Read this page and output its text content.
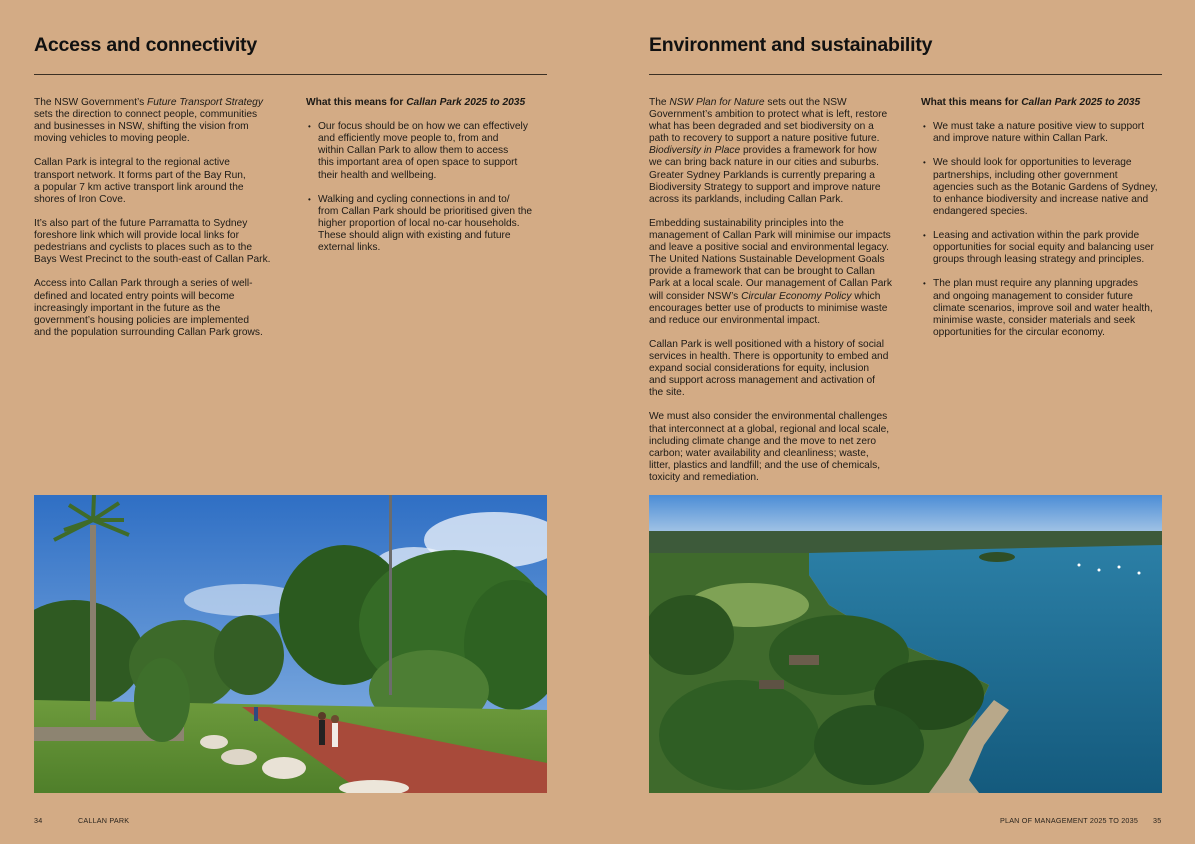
Access and connectivity

The NSW Government’s Future Transport Strategy
sets the direction to connect people, communities
and businesses in NSW, shifting the vision from
moving vehicles to moving people.

Callan Park is integral to the regional active
transport network. It forms part of the Bay Run,
a popular 7 km active transport link around the
shores of Iron Cove.

It’s also part of the future Parramatta to Sydney
foreshore link which will provide local links for
pedestrians and cyclists to places such as to the
Bays West Precinct to the south-east of Callan Park.

Access into Callan Park through a series of well-
defined and located entry points will become
increasingly important in the future as the
government’s housing policies are implemented
and the population surrounding Callan Park grows.

What this means for Callan Park 2025 to 2035
• Our focus should be on how we can effectively
and efficiently move people to, from and
within Callan Park to allow them to access
this important area of open space to support
their health and wellbeing.
• Walking and cycling connections in and to/
from Callan Park should be prioritised given the
higher proportion of local no-car households.
These should align with existing and future
external links.
34	CALLAN PARK
Environment and sustainability

The NSW Plan for Nature sets out the NSW
Government’s ambition to protect what is left, restore
what has been degraded and set biodiversity on a
path to recovery to support a nature positive future.
Biodiversity in Place provides a framework for how
we can bring back nature in our cities and suburbs.
Greater Sydney Parklands is currently preparing a
Biodiversity Strategy to support and improve nature
across its parklands, including Callan Park.

Embedding sustainability principles into the
management of Callan Park will minimise our impacts
and leave a positive social and environmental legacy.
The United Nations Sustainable Development Goals
provide a framework that can be brought to Callan
Park at a local scale. Our management of Callan Park
will consider NSW’s Circular Economy Policy which
encourages better use of products to minimise waste
and reduce our environmental impact.

Callan Park is well positioned with a history of social
services in health. There is opportunity to embed and
expand social considerations for equity, inclusion
and support across management and activation of
the site.

We must also consider the environmental challenges
that interconnect at a global, regional and local scale,
including climate change and the move to net zero
carbon; water availability and cleanliness; waste,
litter, plastics and landfill; and the use of chemicals,
toxicity and remediation.

What this means for Callan Park 2025 to 2035
• We must take a nature positive view to support
and improve nature within Callan Park.
• We should look for opportunities to leverage
partnerships, including other government
agencies such as the Botanic Gardens of Sydney,
to enhance biodiversity and increase native and
endangered species.
• Leasing and activation within the park provide
opportunities for social equity and balancing user
groups through leasing strategy and principles.
• The plan must require any planning upgrades
and ongoing management to consider future
climate scenarios, improve soil and water health,
minimise waste, consider materials and seek
opportunities for the circular economy.
PLAN OF MANAGEMENT 2025 TO 2035 35
